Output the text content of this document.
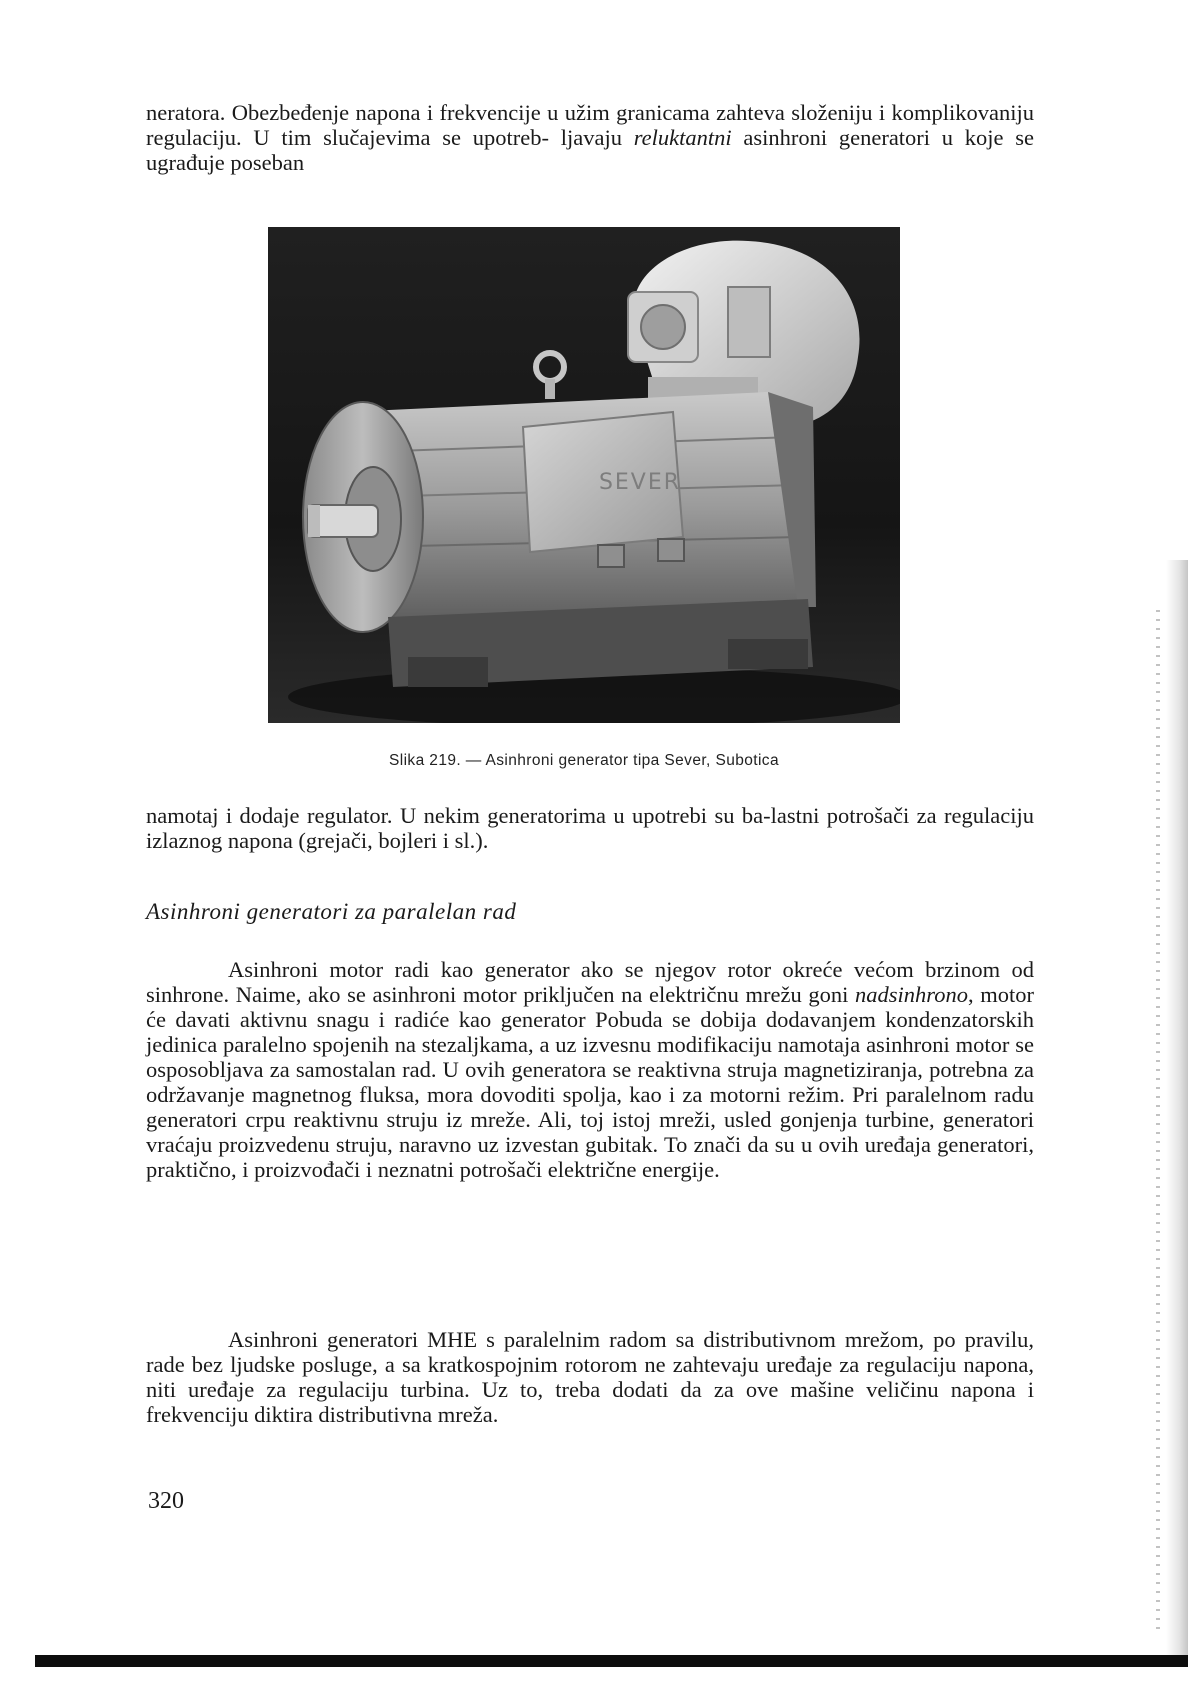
neratora. Obezbeđenje napona i frekvencije u užim granicama zahteva složeniju i komplikovaniju regulaciju. U tim slučajevima se upotreb- ljavaju reluktantni asinhroni generatori u koje se ugrađuje poseban
SEVER
Slika 219. — Asinhroni generator tipa Sever, Subotica
namotaj i dodaje regulator. U nekim generatorima u upotrebi su ba-lastni potrošači za regulaciju izlaznog napona (grejači, bojleri i sl.).
Asinhroni generatori za paralelan rad
Asinhroni motor radi kao generator ako se njegov rotor okreće većom brzinom od sinhrone. Naime, ako se asinhroni motor priključen na električnu mrežu goni nadsinhrono, motor će davati aktivnu snagu i radiće kao generator Pobuda se dobija dodavanjem kondenzatorskih jedinica paralelno spojenih na stezaljkama, a uz izvesnu modifikaciju namotaja asinhroni motor se osposobljava za samostalan rad. U ovih generatora se reaktivna struja magnetiziranja, potrebna za održavanje magnetnog fluksa, mora dovoditi spolja, kao i za motorni režim. Pri paralelnom radu generatori crpu reaktivnu struju iz mreže. Ali, toj istoj mreži, usled gonjenja turbine, generatori vraćaju proizvedenu struju, naravno uz izvestan gubitak. To znači da su u ovih uređaja generatori, praktično, i proizvođači i neznatni potrošači električne energije.
Asinhroni generatori MHE s paralelnim radom sa distributivnom mrežom, po pravilu, rade bez ljudske posluge, a sa kratkospojnim rotorom ne zahtevaju uređaje za regulaciju napona, niti uređaje za regulaciju turbina. Uz to, treba dodati da za ove mašine veličinu napona i frekvenciju diktira distributivna mreža.
320
